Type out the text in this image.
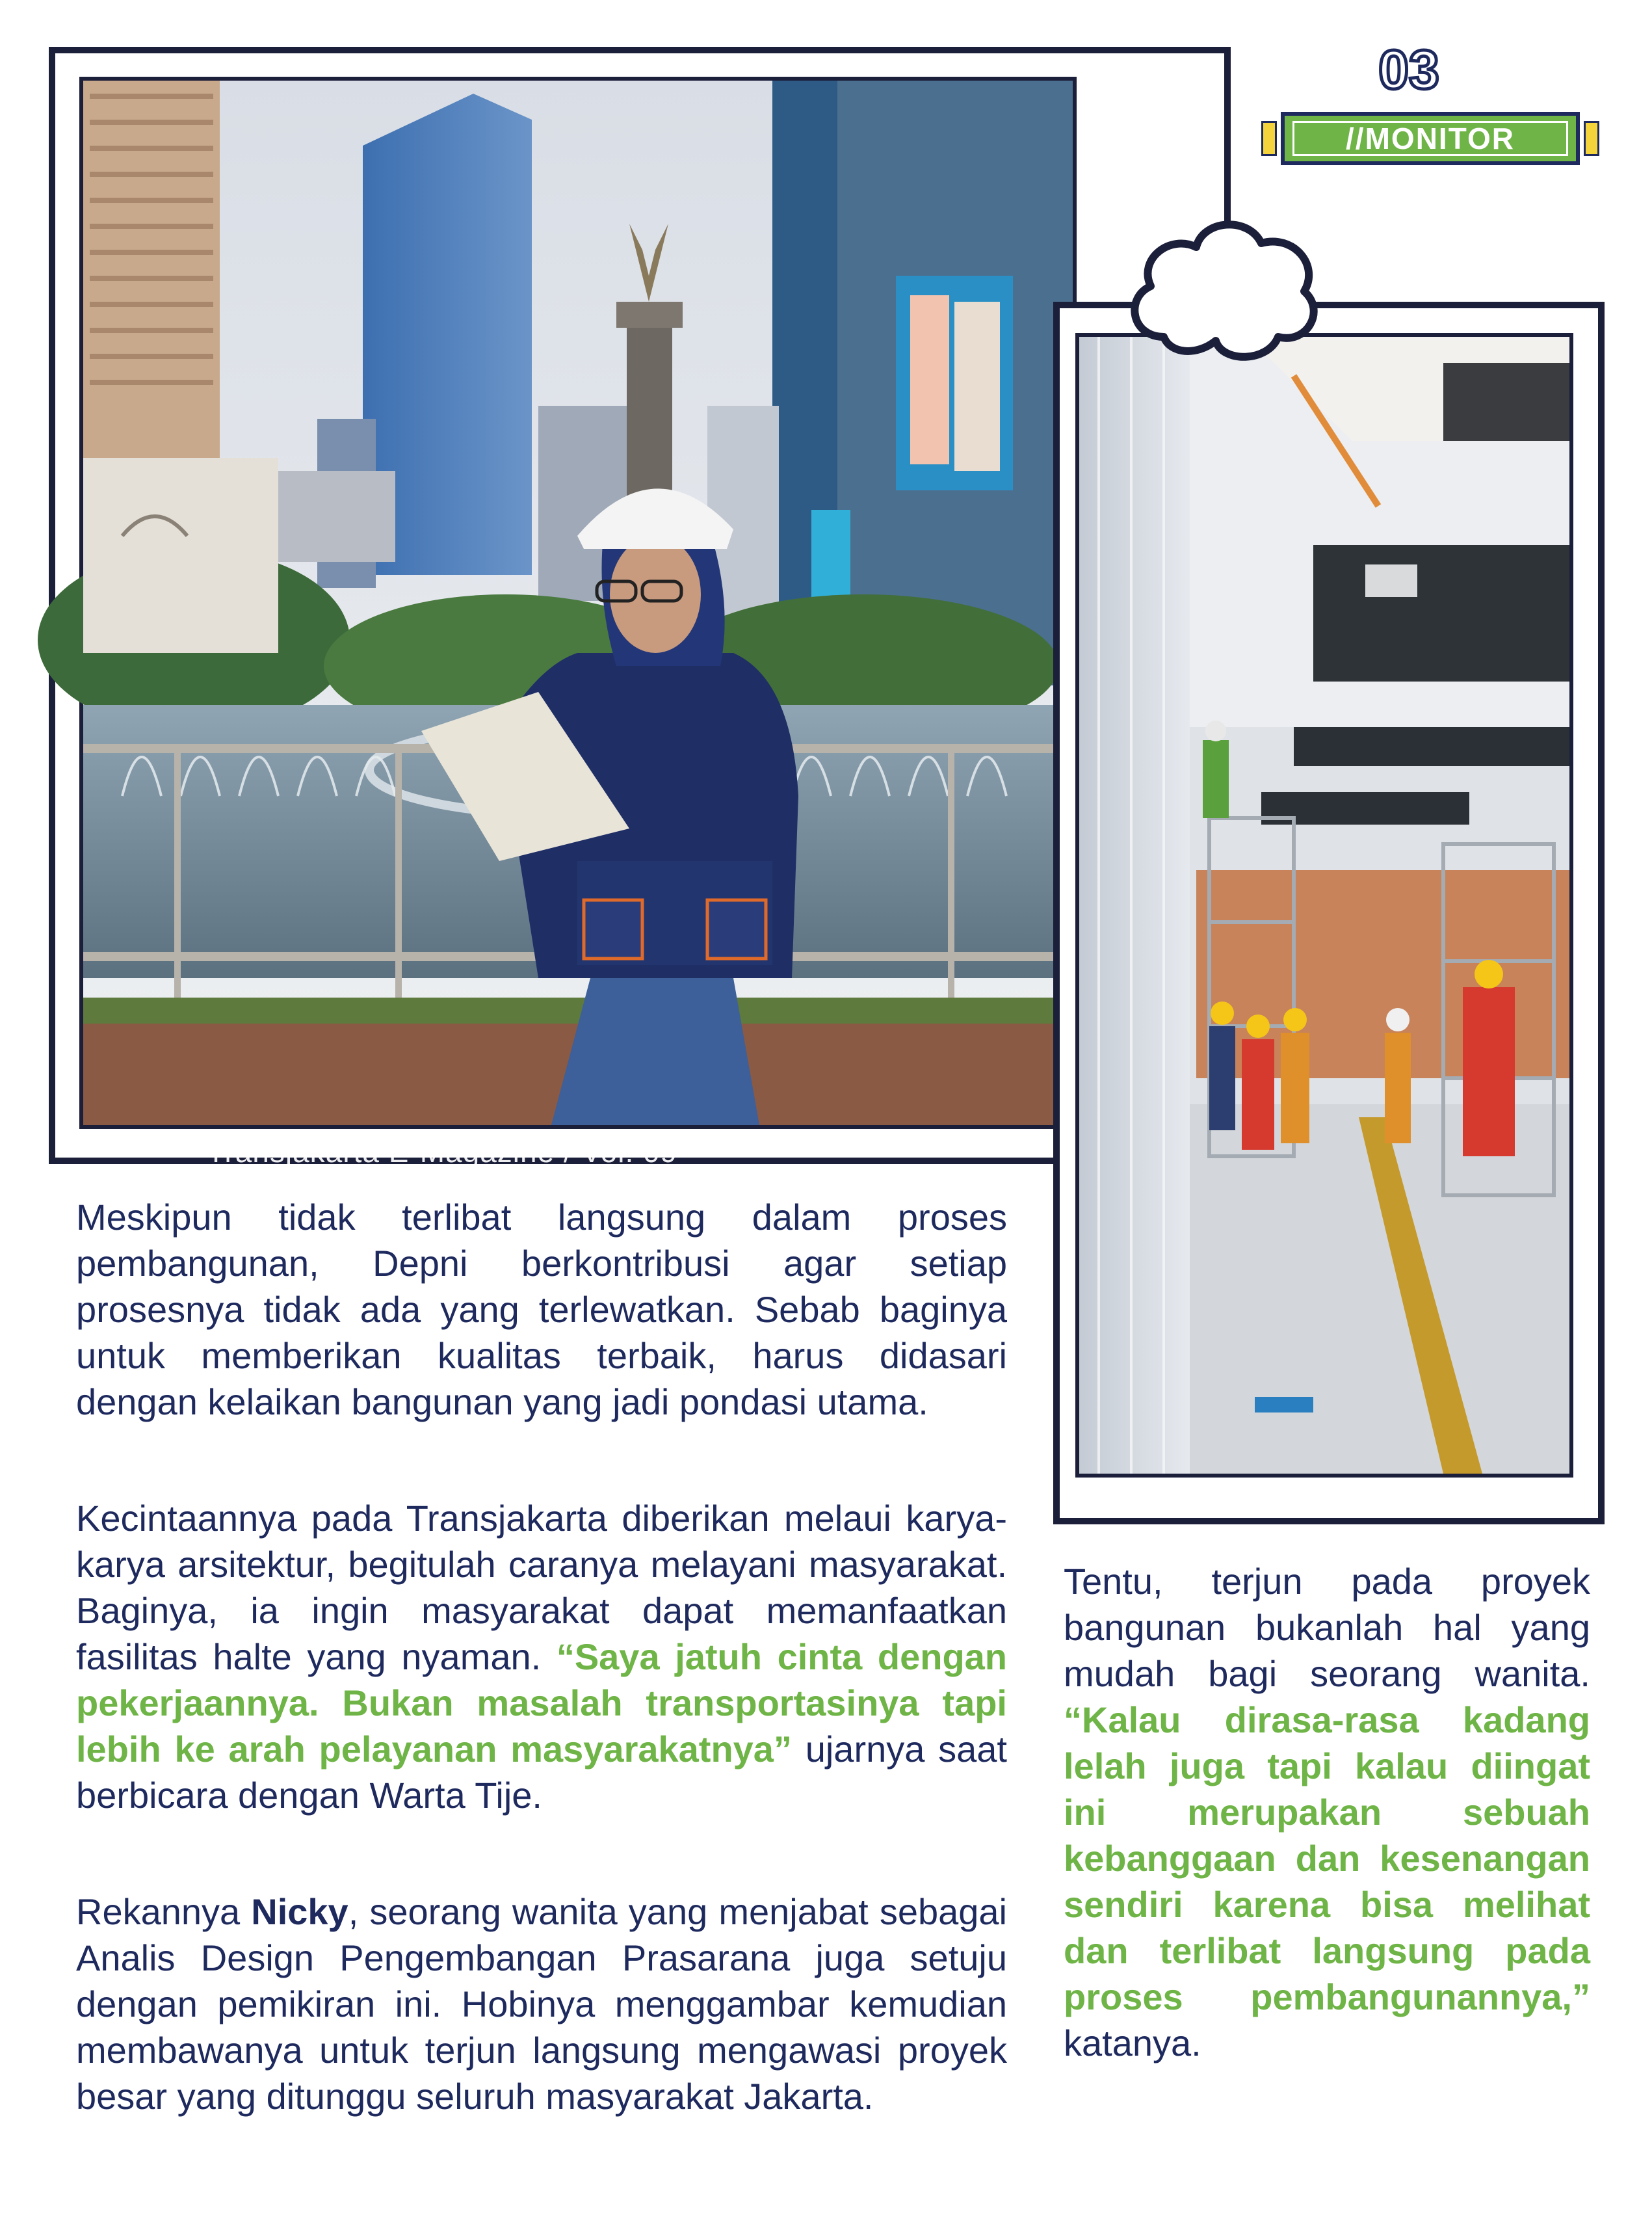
03
//MONITOR
Transjakarta E-Magazine / Vol. 09
Meskipun tidak terlibat langsung dalam proses pembangunan, Depni berkontribusi agar setiap prosesnya tidak ada yang terlewatkan. Sebab baginya untuk memberikan kualitas terbaik, harus didasari dengan kelaikan bangunan yang jadi pondasi utama.
Kecintaannya pada Transjakarta diberikan melaui karya-karya arsitektur, begitulah caranya melayani masyarakat. Baginya, ia ingin masyarakat dapat memanfaatkan fasilitas halte yang nyaman. “Saya jatuh cinta dengan pekerjaannya. Bukan masalah transportasinya tapi lebih ke arah pelayanan masyarakatnya” ujarnya saat berbicara dengan Warta Tije.
Rekannya Nicky, seorang wanita yang menjabat sebagai Analis Design Pengembangan Prasarana juga setuju dengan pemikiran ini. Hobinya menggambar kemudian membawanya untuk terjun langsung mengawasi proyek besar yang ditunggu seluruh masyarakat Jakarta.
Tentu, terjun pada proyek bangunan bukanlah hal yang mudah bagi seorang wanita. “Kalau dirasa-rasa kadang lelah juga tapi kalau diingat ini merupakan sebuah kebanggaan dan kesenangan sendiri karena bisa melihat dan terlibat langsung pada proses pembangunannya,” katanya.
